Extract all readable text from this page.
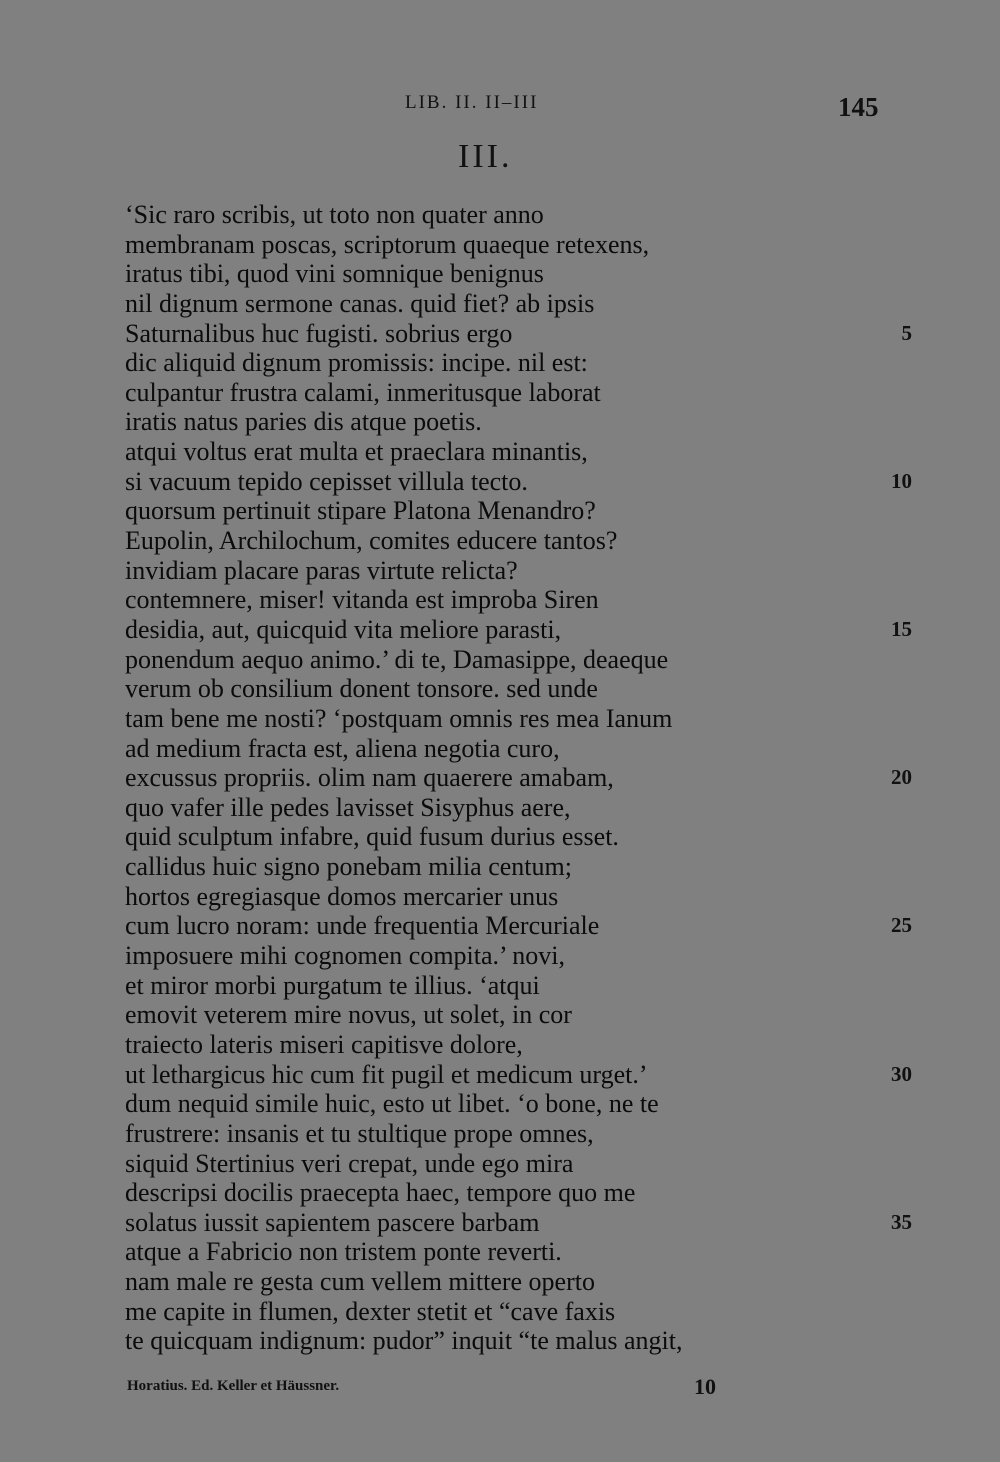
LIB. II. II–III	145
III.
‘Sic raro scribis, ut toto non quater anno
membranam poscas, scriptorum quaeque retexens,
iratus tibi, quod vini somnique benignus
nil dignum sermone canas. quid fiet? ab ipsis
Saturnalibus huc fugisti. sobrius ergo	5
dic aliquid dignum promissis: incipe. nil est:
culpantur frustra calami, inmeritusque laborat
iratis natus paries dis atque poetis.
atqui voltus erat multa et praeclara minantis,
si vacuum tepido cepisset villula tecto.	10
quorsum pertinuit stipare Platona Menandro?
Eupolin, Archilochum, comites educere tantos?
invidiam placare paras virtute relicta?
contemnere, miser! vitanda est improba Siren
desidia, aut, quicquid vita meliore parasti,	15
ponendum aequo animo.’ di te, Damasippe, deaeque
verum ob consilium donent tonsore. sed unde
tam bene me nosti? ‘postquam omnis res mea Ianum
ad medium fracta est, aliena negotia curo,
excussus propriis. olim nam quaerere amabam,	20
quo vafer ille pedes lavisset Sisyphus aere,
quid sculptum infabre, quid fusum durius esset.
callidus huic signo ponebam milia centum;
hortos egregiasque domos mercarier unus
cum lucro noram: unde frequentia Mercuriale	25
imposuere mihi cognomen compita.’ novi,
et miror morbi purgatum te illius. ‘atqui
emovit veterem mire novus, ut solet, in cor
traiecto lateris miseri capitisve dolore,
ut lethargicus hic cum fit pugil et medicum urget.’	30
dum nequid simile huic, esto ut libet. ‘o bone, ne te
frustrere: insanis et tu stultique prope omnes,
siquid Stertinius veri crepat, unde ego mira
descripsi docilis praecepta haec, tempore quo me
solatus iussit sapientem pascere barbam	35
atque a Fabricio non tristem ponte reverti.
nam male re gesta cum vellem mittere operto
me capite in flumen, dexter stetit et “cave faxis
te quicquam indignum: pudor” inquit “te malus angit,
Horatius. Ed. Keller et Häussner.	10
